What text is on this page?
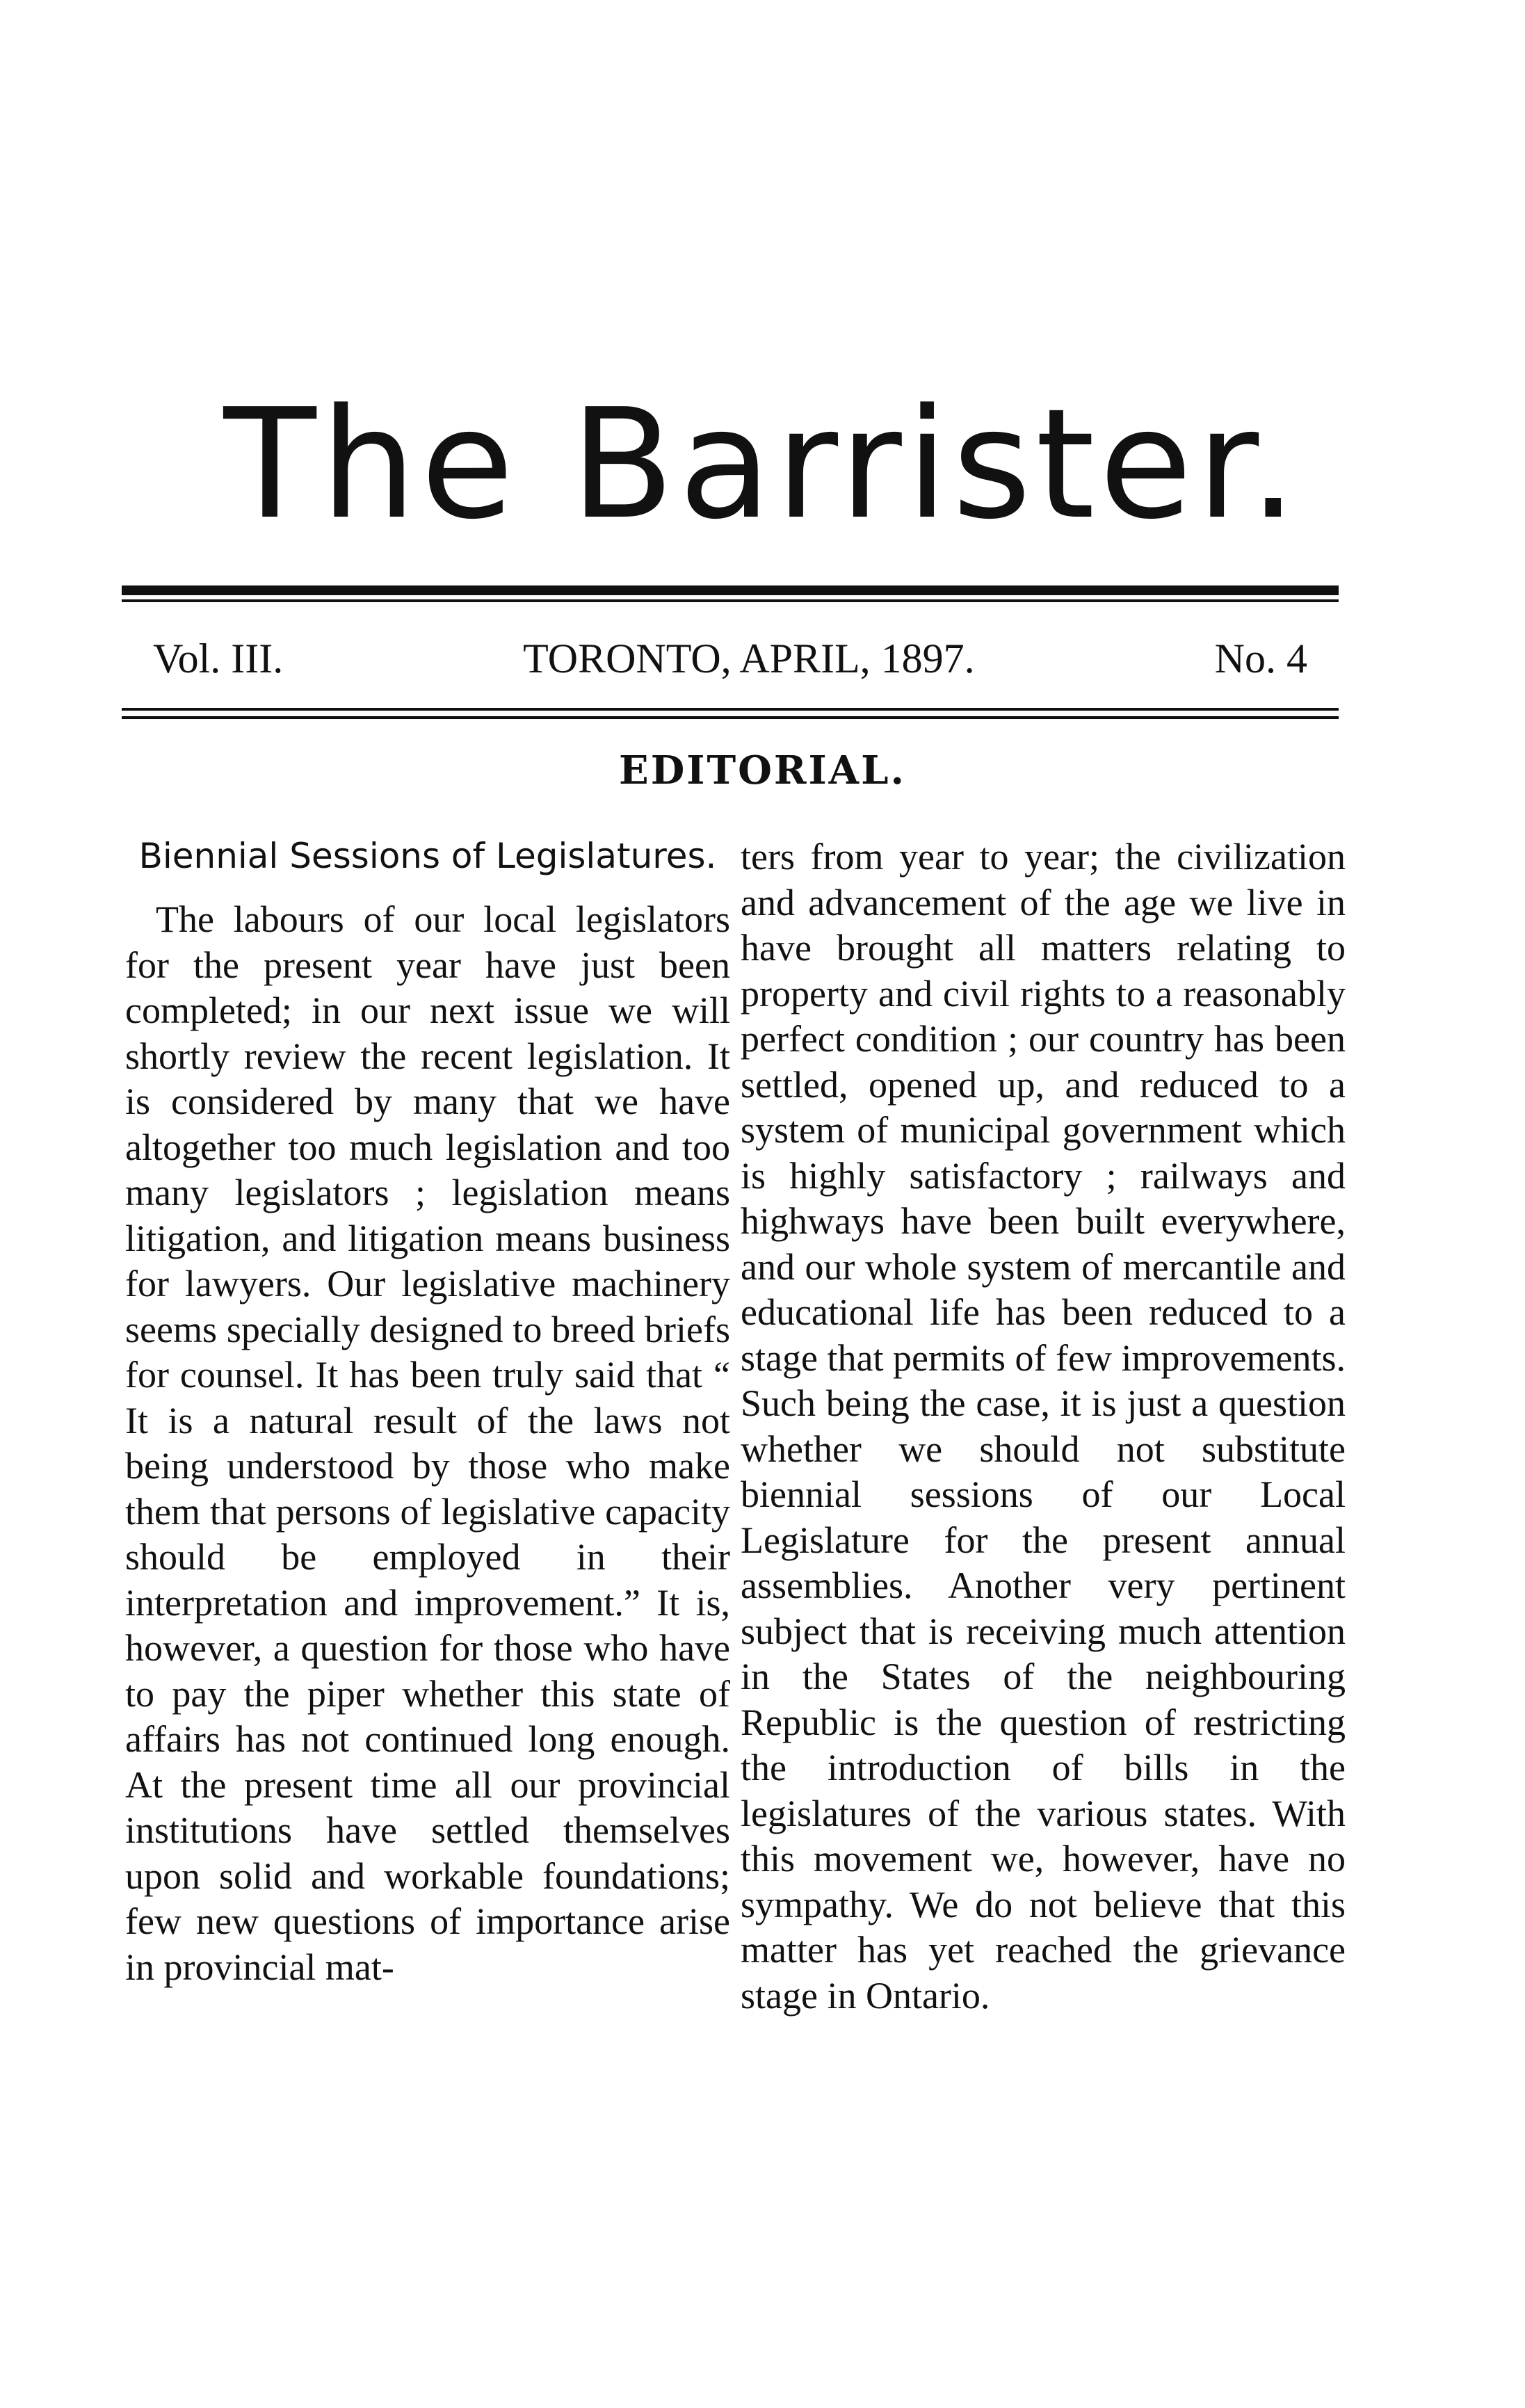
The Barrister.
Vol. III.	TORONTO, APRIL, 1897.	No. 4
EDITORIAL.
Biennial Sessions of Legislatures.

The labours of our local legislators for the present year have just been completed; in our next issue we will shortly review the recent legislation. It is considered by many that we have altogether too much legislation and too many legislators ; legislation means litigation, and litigation means business for lawyers. Our legislative machinery seems specially designed to breed briefs for counsel. It has been truly said that “ It is a natural result of the laws not being understood by those who make them that persons of legislative capacity should be employed in their interpretation and improvement.” It is, however, a question for those who have to pay the piper whether this state of affairs has not continued long enough. At the present time all our provincial institutions have settled themselves upon solid and workable foundations; few new questions of importance arise in provincial mat-

ters from year to year; the civilization and advancement of the age we live in have brought all matters relating to property and civil rights to a reasonably perfect condition ; our country has been settled, opened up, and reduced to a system of municipal government which is highly satisfactory ; railways and highways have been built everywhere, and our whole system of mercantile and educational life has been reduced to a stage that permits of few improvements. Such being the case, it is just a question whether we should not substitute biennial sessions of our Local Legislature for the present annual assemblies. Another very pertinent subject that is receiving much attention in the States of the neighbouring Republic is the question of restricting the introduction of bills in the legislatures of the various states. With this movement we, however, have no sympathy. We do not believe that this matter has yet reached the grievance stage in Ontario.
